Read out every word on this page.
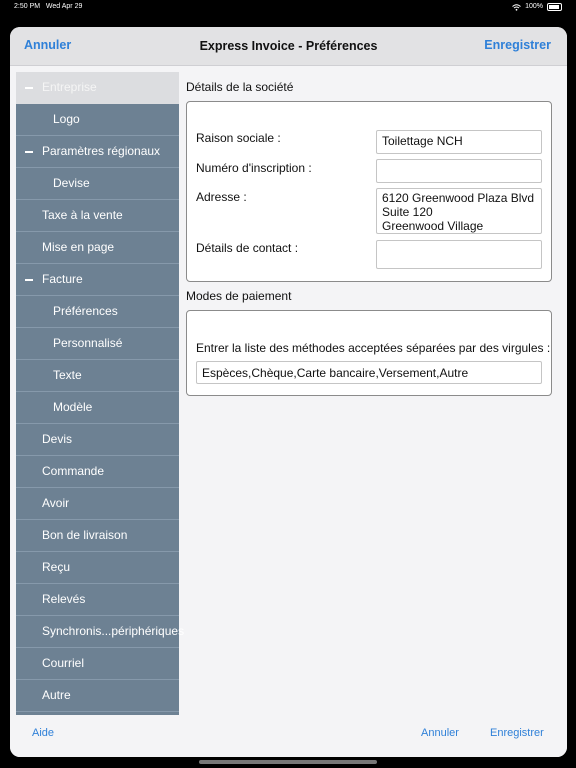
2:50 PM Wed Apr 29	100%
Annuler	Express Invoice - Préférences	Enregistrer
Entreprise
Logo
Paramètres régionaux
Devise
Taxe à la vente
Mise en page
Facture
Préférences
Personnalisé
Texte
Modèle
Devis
Commande
Avoir
Bon de livraison
Reçu
Relevés
Synchronis...périphériques
Courriel
Autre
Détails de la société
Raison sociale :	Toilettage NCH
Numéro d'inscription :
Adresse :	6120 Greenwood Plaza Blvd
Suite 120
Greenwood Village
Détails de contact :
Modes de paiement
Entrer la liste des méthodes acceptées séparées par des virgules :
Espèces,Chèque,Carte bancaire,Versement,Autre
Aide	Annuler	Enregistrer
